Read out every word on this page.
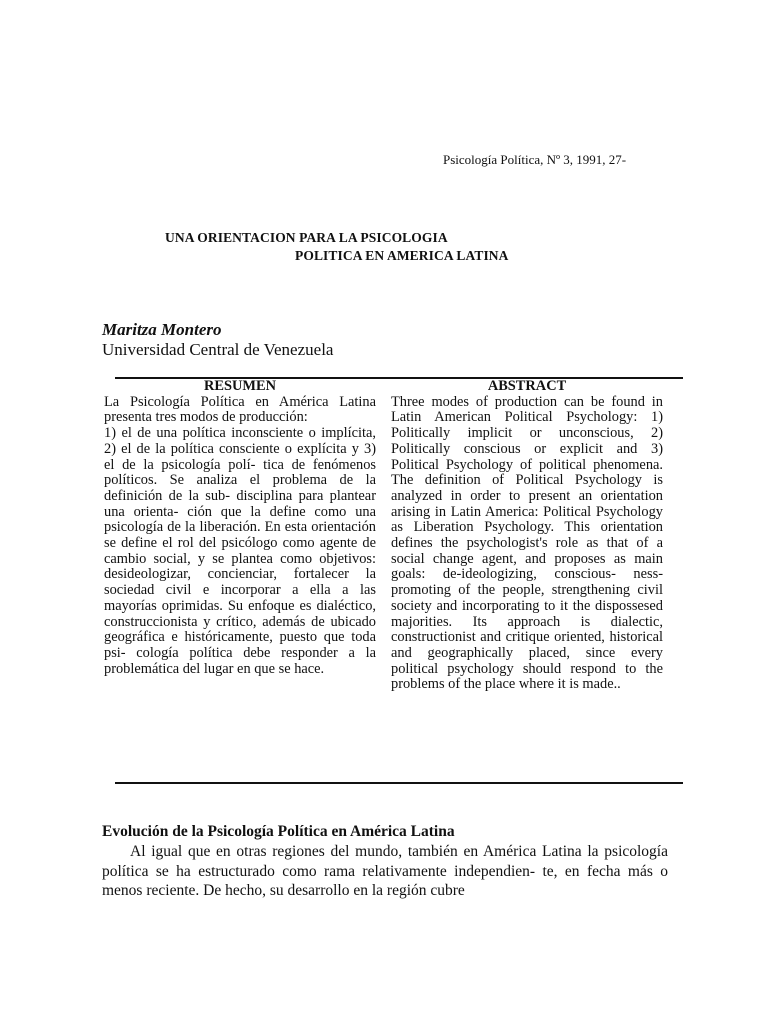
Psicología Política, Nº 3, 1991, 27-
UNA ORIENTACION PARA LA PSICOLOGIA
POLITICA EN AMERICA LATINA
Maritza Montero
Universidad Central de Venezuela
RESUMEN
La Psicología Política en América Latina presenta tres modos de producción:
1) el de una política inconsciente o implícita, 2) el de la política consciente o explícita y 3) el de la psicología polí- tica de fenómenos políticos. Se analiza el problema de la definición de la sub- disciplina para plantear una orienta- ción que la define como una psicología de la liberación. En esta orientación se define el rol del psicólogo como agente de cambio social, y se plantea como objetivos: desideologizar, concienciar, fortalecer la sociedad civil e incorporar a ella a las mayorías oprimidas. Su enfoque es dialéctico, construccionista y crítico, además de ubicado geográfica e históricamente, puesto que toda psi- cología política debe responder a la problemática del lugar en que se hace.
ABSTRACT
Three modes of production can be found in Latin American Political Psychology: 1) Politically implicit or unconscious, 2) Politically conscious or explicit and 3) Political Psychology of political phenomena. The definition of Political Psychology is analyzed in order to present an orientation arising in Latin America: Political Psychology as Liberation Psychology. This orientation defines the psychologist's role as that of a social change agent, and proposes as main goals: de-ideologizing, conscious- ness-promoting of the people, strengthening civil society and incorporating to it the dispossesed majorities. Its approach is dialectic, constructionist and critique oriented, historical and geographically placed, since every political psychology should respond to the problems of the place where it is made..
Evolución de la Psicología Política en América Latina
Al igual que en otras regiones del mundo, también en América Latina la psicología política se ha estructurado como rama relativamente independien- te, en fecha más o menos reciente. De hecho, su desarrollo en la región cubre
